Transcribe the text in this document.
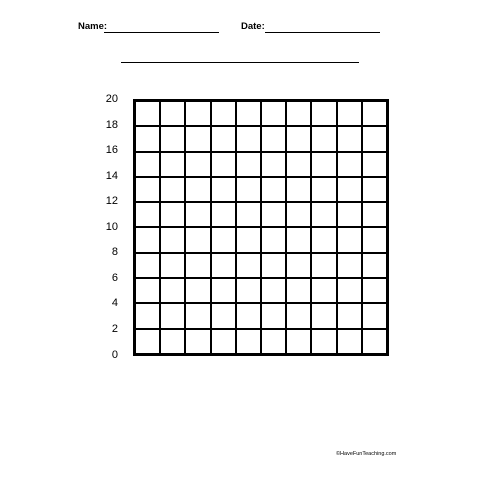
Name:	Date:
20
18
16
14
12
10
8
6
4
2
0
©HaveFunTeaching.com
